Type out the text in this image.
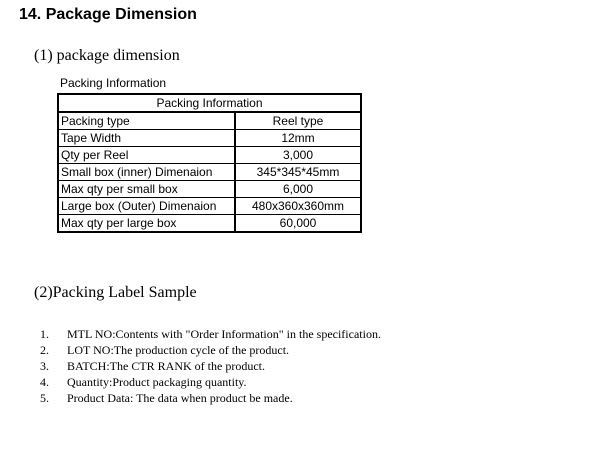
14. Package Dimension
(1) package dimension
Packing Information
Packing Information	
Packing type	Reel type
Tape Width	12mm
Qty per Reel	3,000
Small box (inner) Dimenaion	345*345*45mm
Max qty per small box	6,000
Large box (Outer) Dimenaion	480x360x360mm
Max qty per large box	60,000
(2)Packing Label Sample
1. MTL NO:Contents with "Order Information" in the specification.
2. LOT NO:The production cycle of the product.
3. BATCH:The CTR RANK of the product.
4. Quantity:Product packaging quantity.
5. Product Data: The data when product be made.
